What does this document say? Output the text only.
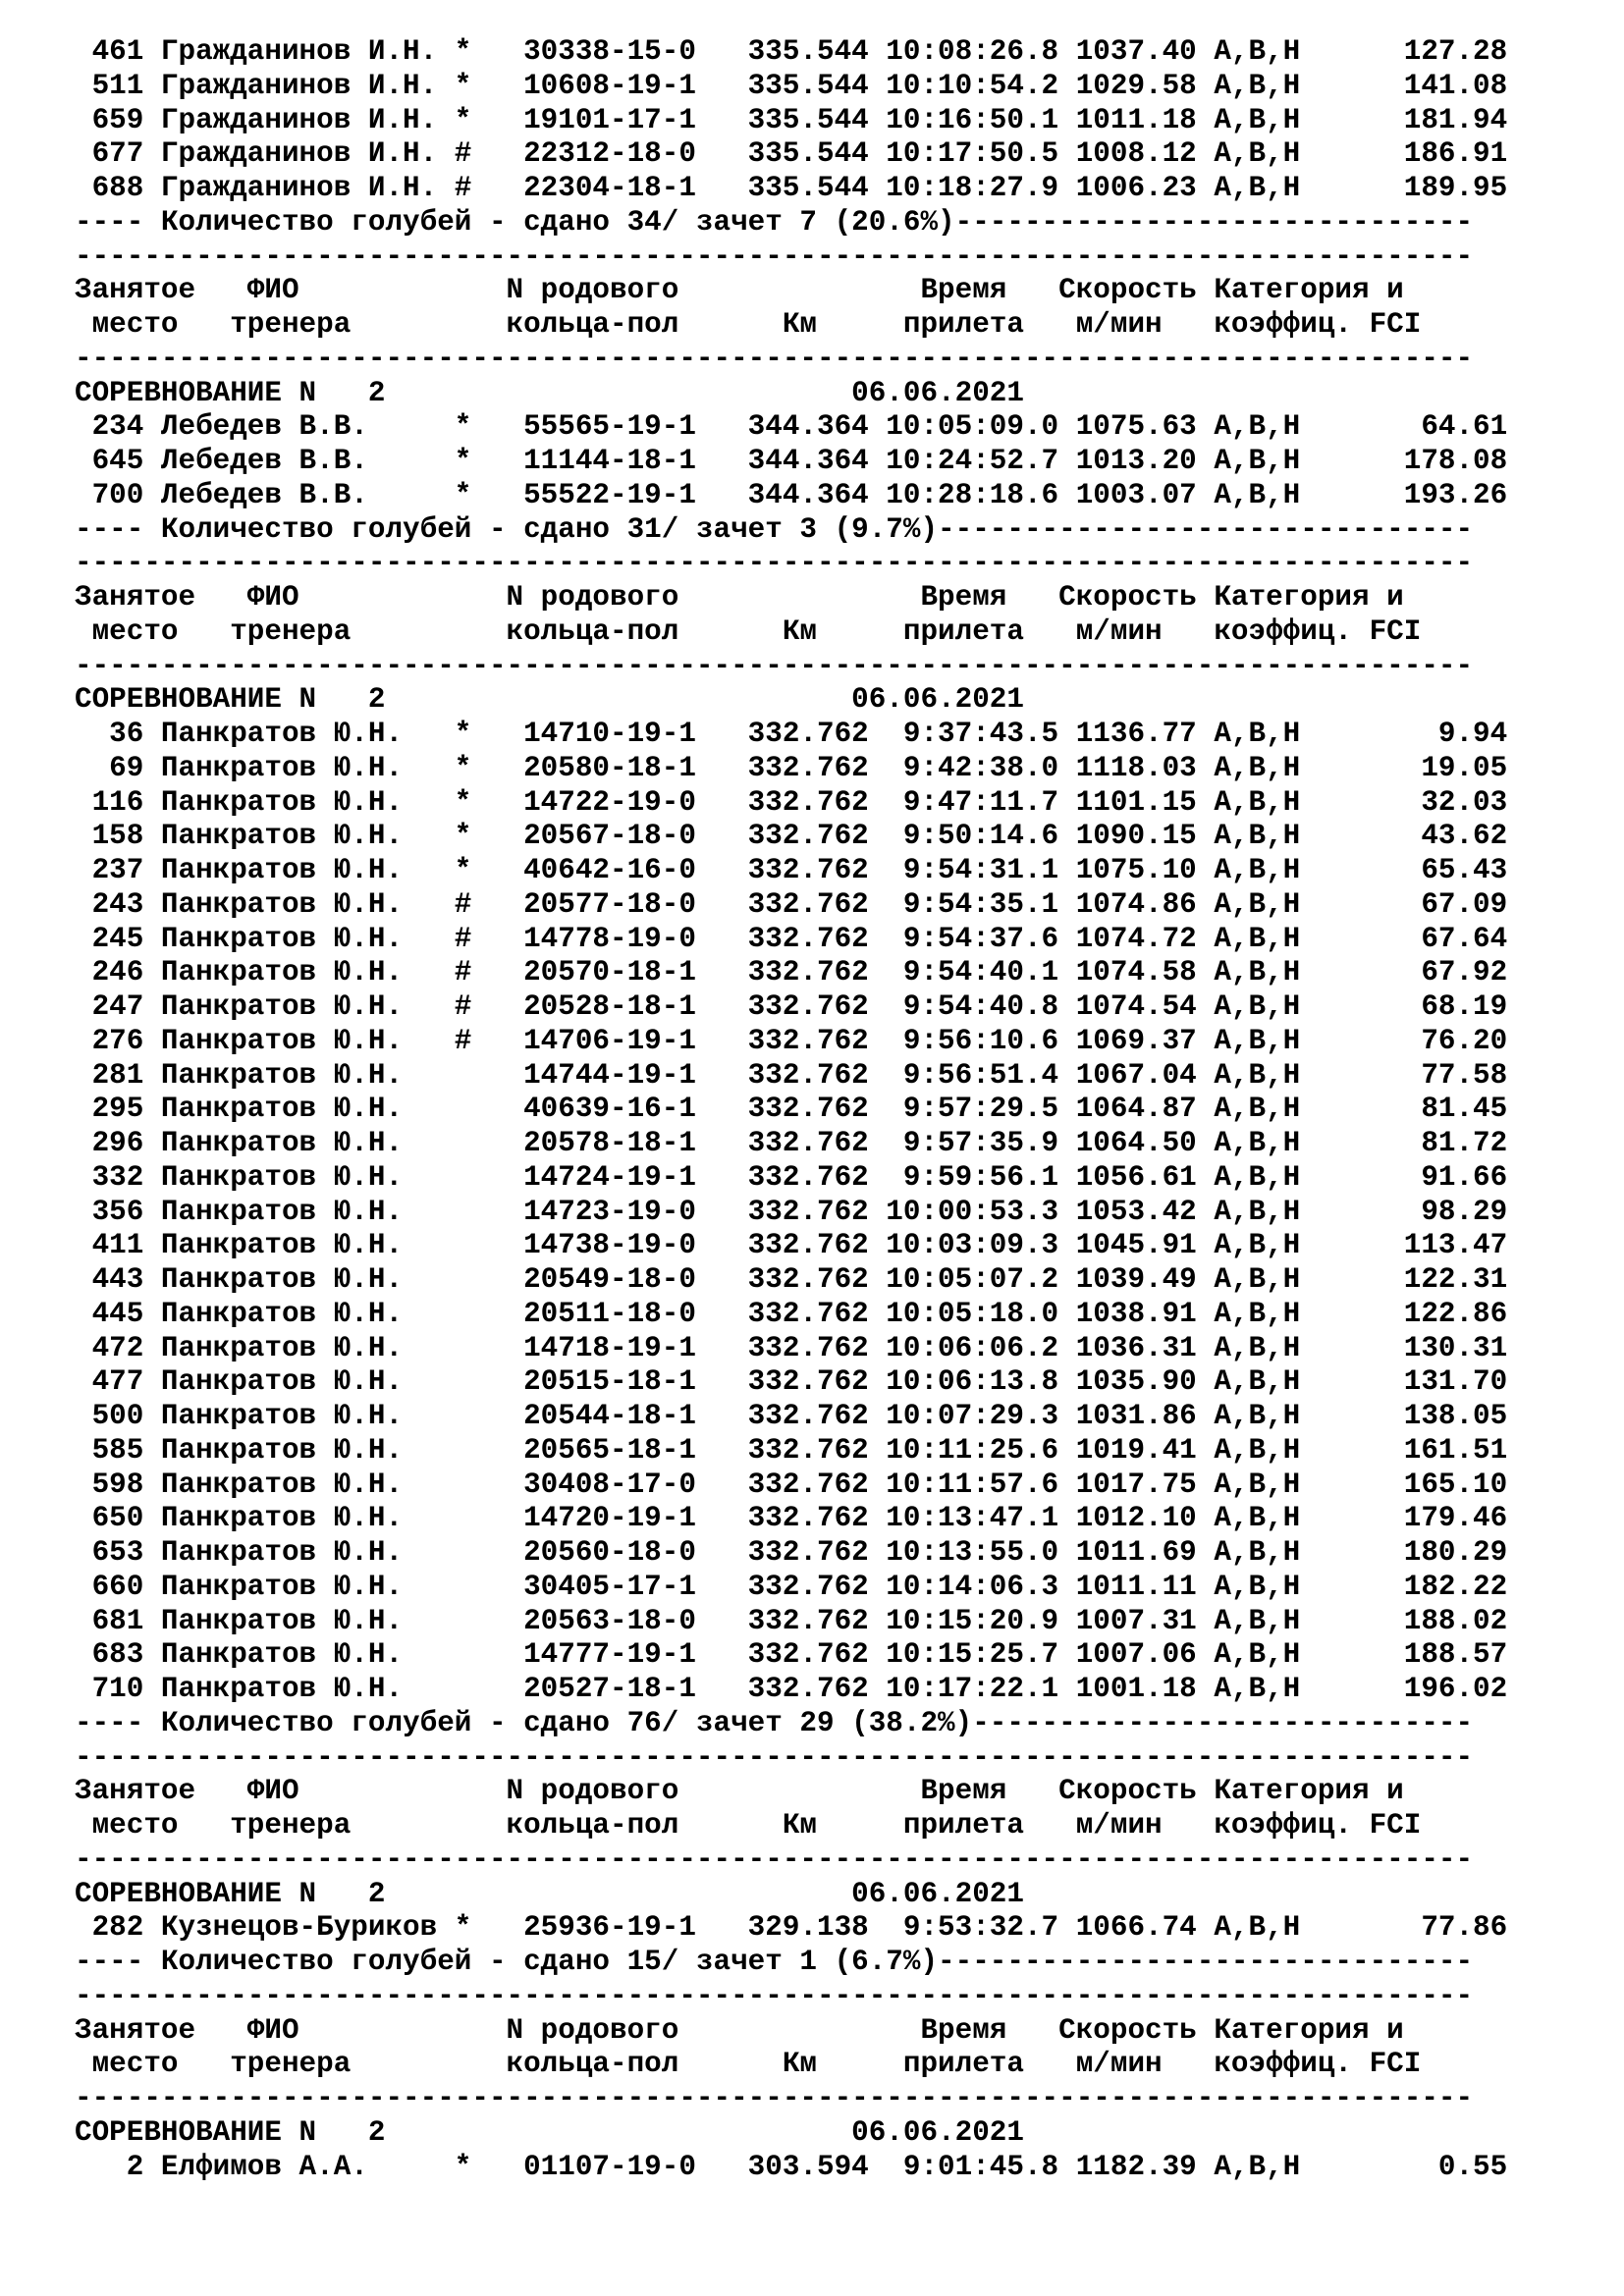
461 Гражданинов И.Н. *   30338-15-0   335.544 10:08:26.8 1037.40 А,В,Н      127.28
511 Гражданинов И.Н. *   10608-19-1   335.544 10:10:54.2 1029.58 А,В,Н      141.08
659 Гражданинов И.Н. *   19101-17-1   335.544 10:16:50.1 1011.18 А,В,Н      181.94
677 Гражданинов И.Н. #   22312-18-0   335.544 10:17:50.5 1008.12 А,В,Н      186.91
688 Гражданинов И.Н. #   22304-18-1   335.544 10:18:27.9 1006.23 А,В,Н      189.95
---- Количество голубей - сдано 34/ зачет 7 (20.6%)------------------------------
---------------------------------------------------------------------------------
Занятое   ФИО            N родового              Время   Скорость Категория и
место   тренера         кольца-пол      Км     прилета   м/мин   коэффиц. FCI
---------------------------------------------------------------------------------
СОРЕВНОВАНИЕ N   2                           06.06.2021
234 Лебедев В.В.     *   55565-19-1   344.364 10:05:09.0 1075.63 А,В,Н       64.61
645 Лебедев В.В.     *   11144-18-1   344.364 10:24:52.7 1013.20 А,В,Н      178.08
700 Лебедев В.В.     *   55522-19-1   344.364 10:28:18.6 1003.07 А,В,Н      193.26
---- Количество голубей - сдано 31/ зачет 3 (9.7%)-------------------------------
---------------------------------------------------------------------------------
Занятое   ФИО            N родового              Время   Скорость Категория и
место   тренера         кольца-пол      Км     прилета   м/мин   коэффиц. FCI
---------------------------------------------------------------------------------
СОРЕВНОВАНИЕ N   2                           06.06.2021
36 Панкратов Ю.Н.   *   14710-19-1   332.762  9:37:43.5 1136.77 А,В,Н        9.94
69 Панкратов Ю.Н.   *   20580-18-1   332.762  9:42:38.0 1118.03 А,В,Н       19.05
116 Панкратов Ю.Н.   *   14722-19-0   332.762  9:47:11.7 1101.15 А,В,Н       32.03
158 Панкратов Ю.Н.   *   20567-18-0   332.762  9:50:14.6 1090.15 А,В,Н       43.62
237 Панкратов Ю.Н.   *   40642-16-0   332.762  9:54:31.1 1075.10 А,В,Н       65.43
243 Панкратов Ю.Н.   #   20577-18-0   332.762  9:54:35.1 1074.86 А,В,Н       67.09
245 Панкратов Ю.Н.   #   14778-19-0   332.762  9:54:37.6 1074.72 А,В,Н       67.64
246 Панкратов Ю.Н.   #   20570-18-1   332.762  9:54:40.1 1074.58 А,В,Н       67.92
247 Панкратов Ю.Н.   #   20528-18-1   332.762  9:54:40.8 1074.54 А,В,Н       68.19
276 Панкратов Ю.Н.   #   14706-19-1   332.762  9:56:10.6 1069.37 А,В,Н       76.20
281 Панкратов Ю.Н.       14744-19-1   332.762  9:56:51.4 1067.04 А,В,Н       77.58
295 Панкратов Ю.Н.       40639-16-1   332.762  9:57:29.5 1064.87 А,В,Н       81.45
296 Панкратов Ю.Н.       20578-18-1   332.762  9:57:35.9 1064.50 А,В,Н       81.72
332 Панкратов Ю.Н.       14724-19-1   332.762  9:59:56.1 1056.61 А,В,Н       91.66
356 Панкратов Ю.Н.       14723-19-0   332.762 10:00:53.3 1053.42 А,В,Н       98.29
411 Панкратов Ю.Н.       14738-19-0   332.762 10:03:09.3 1045.91 А,В,Н      113.47
443 Панкратов Ю.Н.       20549-18-0   332.762 10:05:07.2 1039.49 А,В,Н      122.31
445 Панкратов Ю.Н.       20511-18-0   332.762 10:05:18.0 1038.91 А,В,Н      122.86
472 Панкратов Ю.Н.       14718-19-1   332.762 10:06:06.2 1036.31 А,В,Н      130.31
477 Панкратов Ю.Н.       20515-18-1   332.762 10:06:13.8 1035.90 А,В,Н      131.70
500 Панкратов Ю.Н.       20544-18-1   332.762 10:07:29.3 1031.86 А,В,Н      138.05
585 Панкратов Ю.Н.       20565-18-1   332.762 10:11:25.6 1019.41 А,В,Н      161.51
598 Панкратов Ю.Н.       30408-17-0   332.762 10:11:57.6 1017.75 А,В,Н      165.10
650 Панкратов Ю.Н.       14720-19-1   332.762 10:13:47.1 1012.10 А,В,Н      179.46
653 Панкратов Ю.Н.       20560-18-0   332.762 10:13:55.0 1011.69 А,В,Н      180.29
660 Панкратов Ю.Н.       30405-17-1   332.762 10:14:06.3 1011.11 А,В,Н      182.22
681 Панкратов Ю.Н.       20563-18-0   332.762 10:15:20.9 1007.31 А,В,Н      188.02
683 Панкратов Ю.Н.       14777-19-1   332.762 10:15:25.7 1007.06 А,В,Н      188.57
710 Панкратов Ю.Н.       20527-18-1   332.762 10:17:22.1 1001.18 А,В,Н      196.02
---- Количество голубей - сдано 76/ зачет 29 (38.2%)-----------------------------
---------------------------------------------------------------------------------
Занятое   ФИО            N родового              Время   Скорость Категория и
место   тренера         кольца-пол      Км     прилета   м/мин   коэффиц. FCI
---------------------------------------------------------------------------------
СОРЕВНОВАНИЕ N   2                           06.06.2021
282 Кузнецов-Буриков *   25936-19-1   329.138  9:53:32.7 1066.74 А,В,Н       77.86
---- Количество голубей - сдано 15/ зачет 1 (6.7%)-------------------------------
---------------------------------------------------------------------------------
Занятое   ФИО            N родового              Время   Скорость Категория и
место   тренера         кольца-пол      Км     прилета   м/мин   коэффиц. FCI
---------------------------------------------------------------------------------
СОРЕВНОВАНИЕ N   2                           06.06.2021
2 Елфимов А.А.     *   01107-19-0   303.594  9:01:45.8 1182.39 А,В,Н        0.55
